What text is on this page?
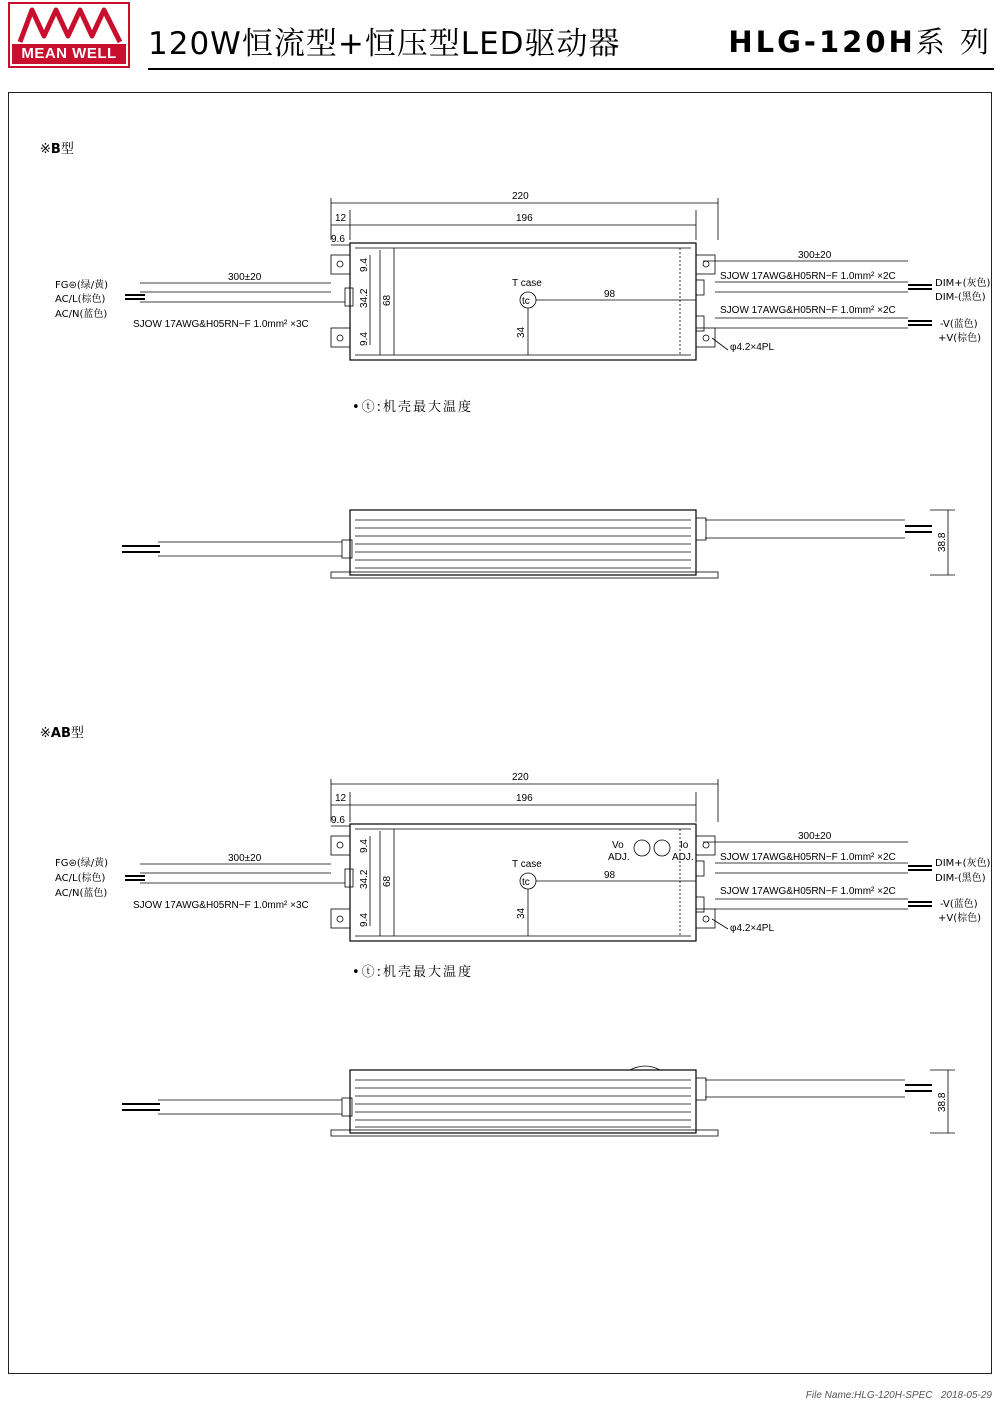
MEAN WELL	120W恒流型+恒压型LED驱动器	HLG-120H系 列
※B型
220
196
12
9.6
300±20
300±20
T case
tc
98
34
9.4
9.4
34.2 68
φ4.2×4PL
SJOW 17AWG&H05RN−F 1.0mm² ×3C
SJOW 17AWG&H05RN−F 1.0mm² ×2C
SJOW 17AWG&H05RN−F 1.0mm² ×2C
FG⊜(绿/黄)
AC/L(棕色)
AC/N(蓝色)
DIM+(灰色)
DIM-(黑色)
-V(蓝色)
+V(棕色)
•ⓣ:机壳最大温度
38.8
※AB型
220
196
12
9.6
300±20
300±20
T case
tc
98
Vo
ADJ.
Io
ADJ.
34
9.4
9.4
34.2 68
φ4.2×4PL
SJOW 17AWG&H05RN−F 1.0mm² ×3C
SJOW 17AWG&H05RN−F 1.0mm² ×2C
SJOW 17AWG&H05RN−F 1.0mm² ×2C
FG⊜(绿/黄)
AC/L(棕色)
AC/N(蓝色)
DIM+(灰色)
DIM-(黑色)
-V(蓝色)
+V(棕色)
•ⓣ:机壳最大温度
38.8
File Name:HLG-120H-SPEC 2018-05-29
